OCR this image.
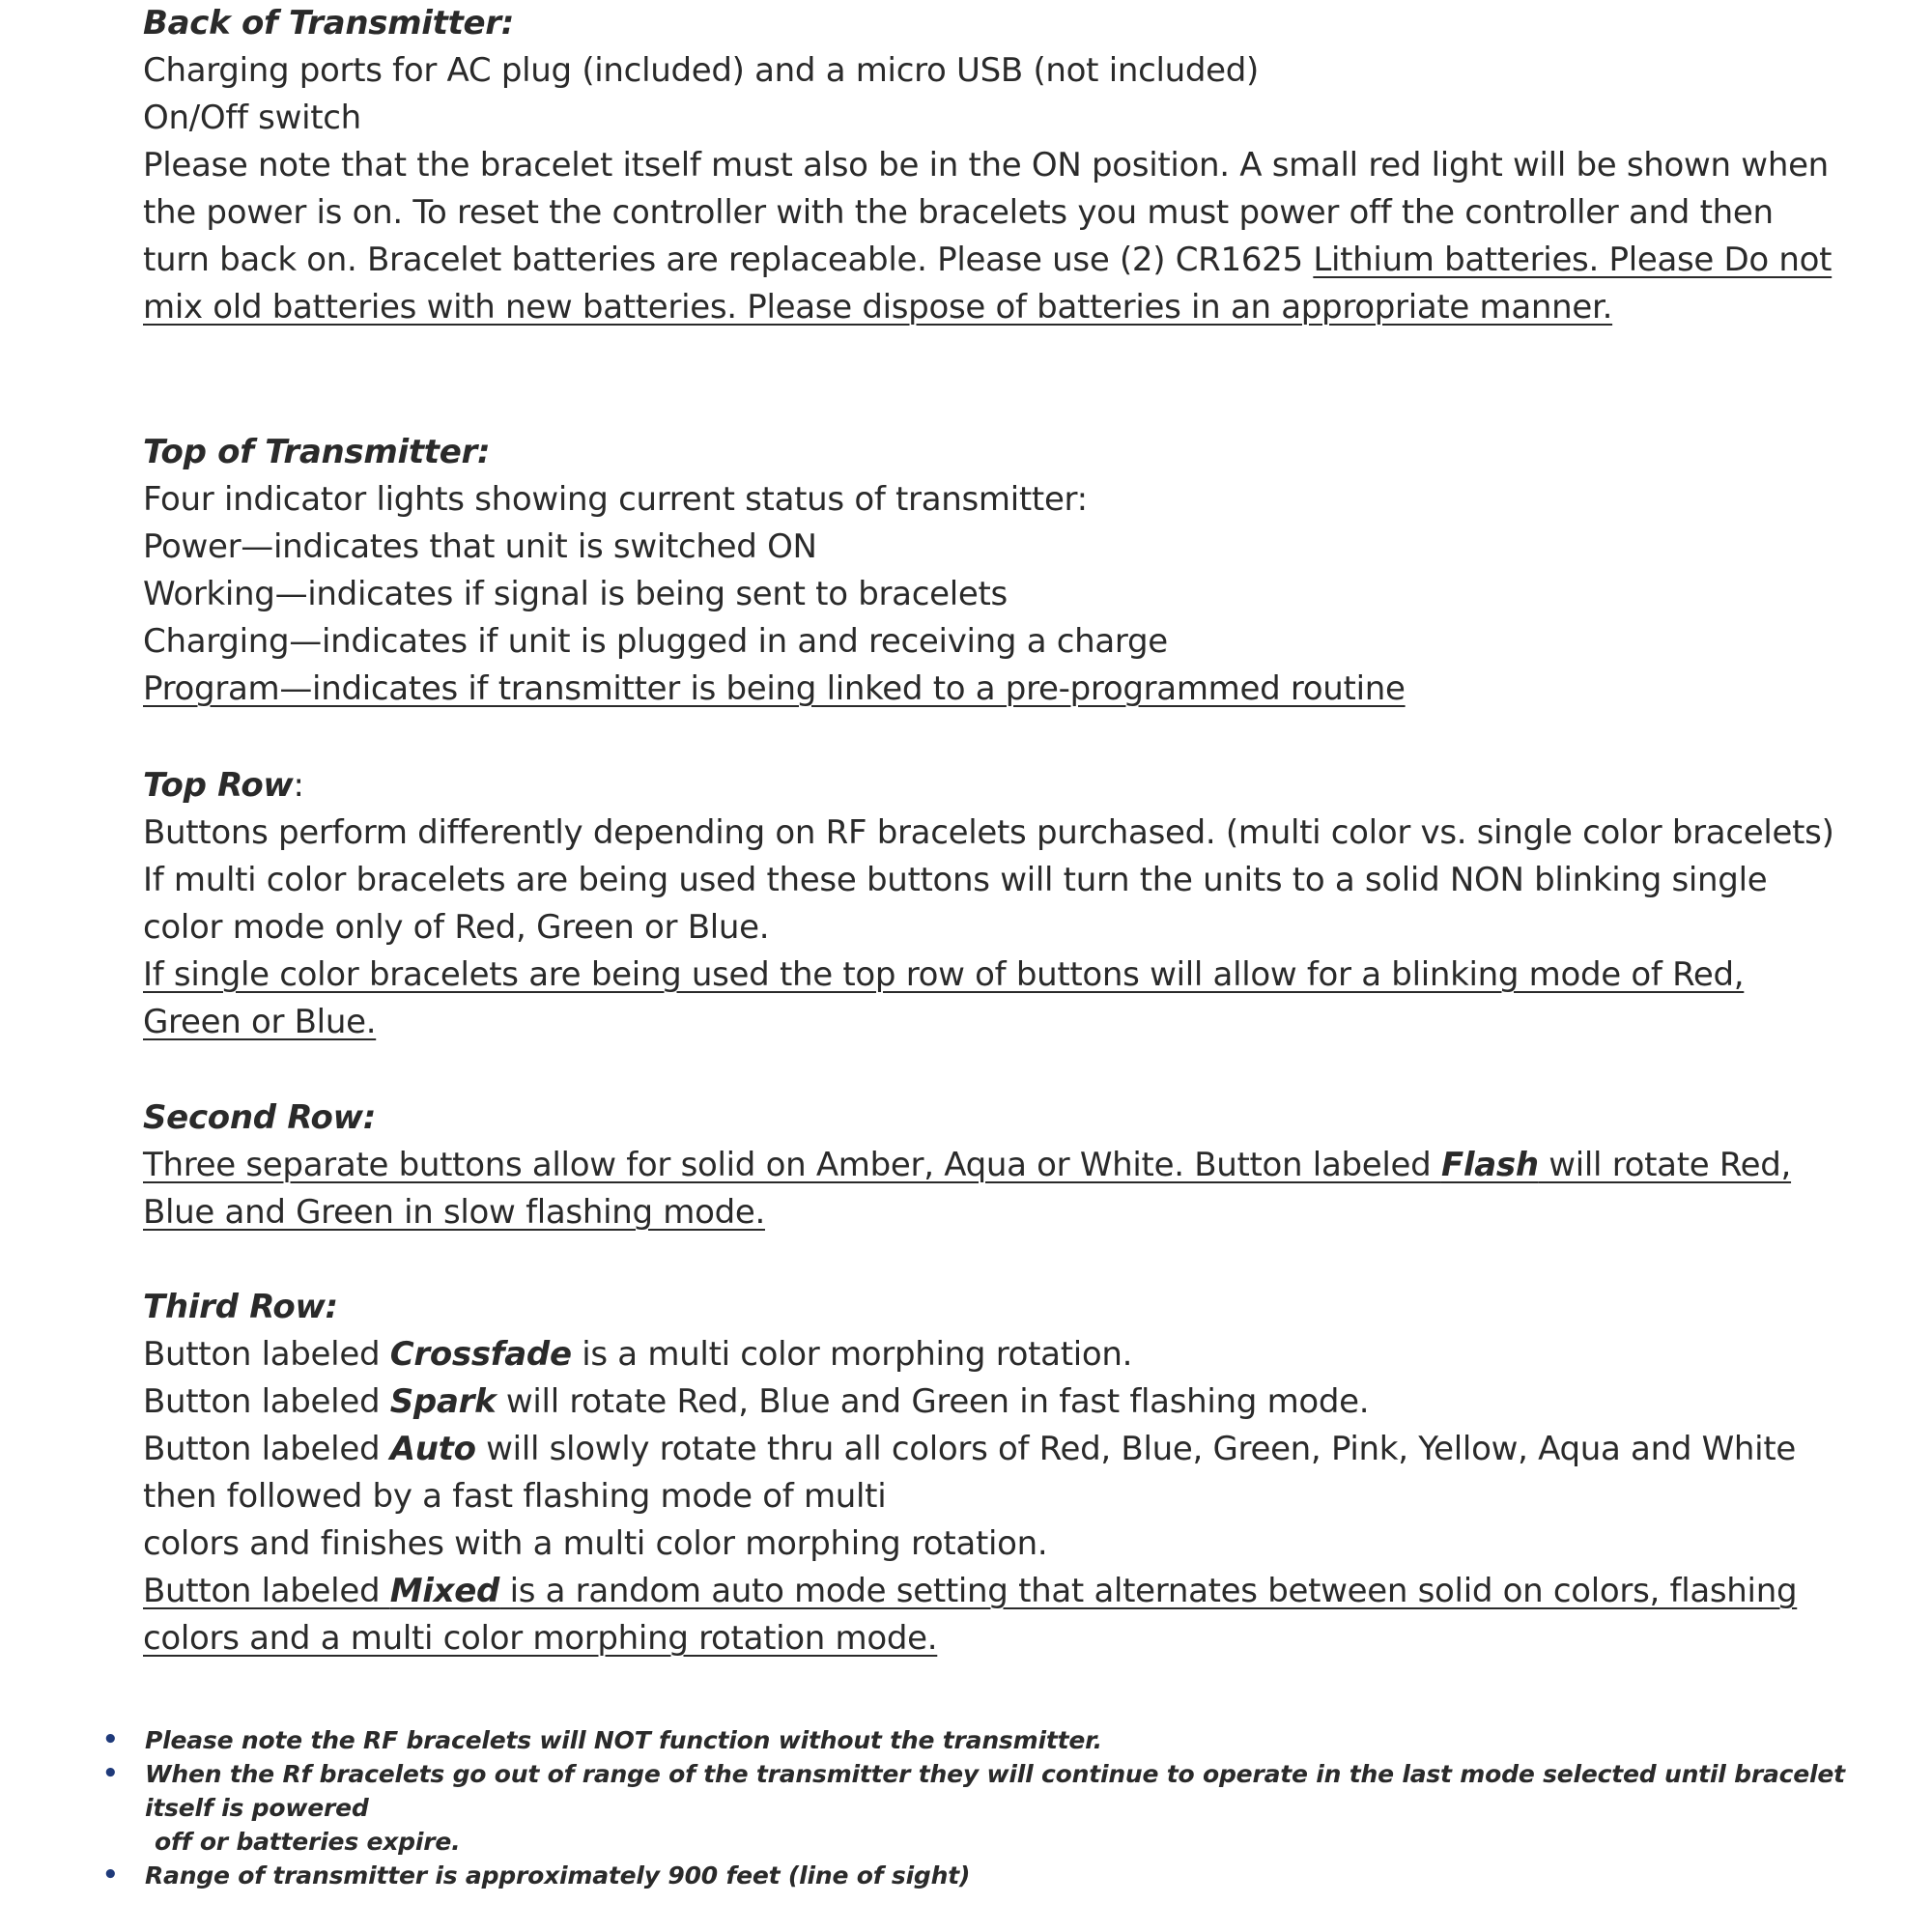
Back of Transmitter:
Charging ports for AC plug (included) and a micro USB (not included)
On/Off switch
Please note that the bracelet itself must also be in the ON position. A small red light will be shown when
the power is on. To reset the controller with the bracelets you must power off the controller and then
turn back on. Bracelet batteries are replaceable. Please use (2) CR1625 Lithium batteries. Please Do not
mix old batteries with new batteries. Please dispose of batteries in an appropriate manner.
Top of Transmitter:
Four indicator lights showing current status of transmitter:
Power—indicates that unit is switched ON
Working—indicates if signal is being sent to bracelets
Charging—indicates if unit is plugged in and receiving a charge
Program—indicates if transmitter is being linked to a pre-programmed routine
Top Row:
Buttons perform differently depending on RF bracelets purchased. (multi color vs. single color bracelets)
If multi color bracelets are being used these buttons will turn the units to a solid NON blinking single
color mode only of Red, Green or Blue.
If single color bracelets are being used the top row of buttons will allow for a blinking mode of Red,
Green or Blue.
Second Row:
Three separate buttons allow for solid on Amber, Aqua or White. Button labeled Flash will rotate Red,
Blue and Green in slow flashing mode.
Third Row:
Button labeled Crossfade is a multi color morphing rotation.
Button labeled Spark will rotate Red, Blue and Green in fast flashing mode.
Button labeled Auto will slowly rotate thru all colors of Red, Blue, Green, Pink, Yellow, Aqua and White
then followed by a fast flashing mode of multi
colors and finishes with a multi color morphing rotation.
Button labeled Mixed is a random auto mode setting that alternates between solid on colors, flashing
colors and a multi color morphing rotation mode.
• Please note the RF bracelets will NOT function without the transmitter.
• When the Rf bracelets go out of range of the transmitter they will continue to operate in the last mode selected until bracelet itself is powered
off or batteries expire.
• Range of transmitter is approximately 900 feet (line of sight)
